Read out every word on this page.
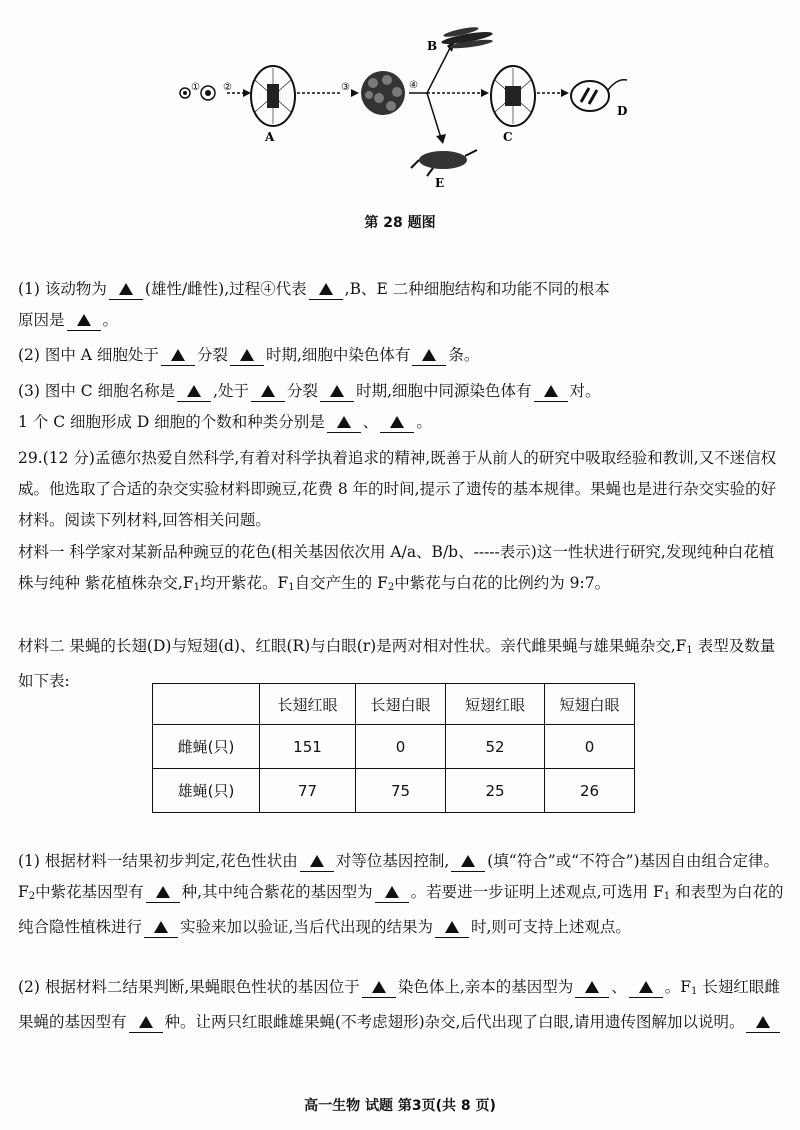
① ②
A
③	④
B
E
C
D
第 28 题图
(1) 该动物为 (雄性/雌性),过程④代表 ,B、E 二种细胞结构和功能不同的根本
原因是 。
(2) 图中 A 细胞处于 分裂 时期,细胞中染色体有 条。
(3) 图中 C 细胞名称是 ,处于 分裂 时期,细胞中同源染色体有 对。
1 个 C 细胞形成 D 细胞的个数和种类分别是 、 。
29.(12 分)孟德尔热爱自然科学,有着对科学执着追求的精神,既善于从前人的研究中吸取经验和教训,又不迷信权威。他选取了合适的杂交实验材料即豌豆,花费 8 年的时间,提示了遗传的基本规律。果蝇也是进行杂交实验的好材料。阅读下列材料,回答相关问题。
材料一 科学家对某新品种豌豆的花色(相关基因依次用 A/a、B/b、-----表示)这一性状进行研究,发现纯种白花植株与纯种 紫花植株杂交$,F_1$均开紫花。$F_1$自交产生的 $F_2$中紫花与白花的比例约为 9:7。
材料二 果蝇的长翅(D)与短翅(d)、红眼(R)与白眼(r)是两对相对性状。亲代雌果蝇与雄果蝇杂交$,F_1$ 表型及数量如下表:
	长翅红眼	长翅白眼	短翅红眼	短翅白眼
雌蝇(只)	151	0	52	0
雄蝇(只)	77	75	25	26
(1) 根据材料一结果初步判定,花色性状由 对等位基因控制, (填“符合”或“不符合”)基因自由组合定律。$F_2$中紫花基因型有 种,其中纯合紫花的基因型为 。若要进一步证明上述观点,可选用 $F_1$ 和表型为白花的纯合隐性植株进行 实验来加以验证,当后代出现的结果为 时,则可支持上述观点。
(2) 根据材料二结果判断,果蝇眼色性状的基因位于 染色体上,亲本的基因型为 、 。$F_1$ 长翅红眼雌果蝇的基因型有 种。让两只红眼雌雄果蝇(不考虑翅形)杂交,后代出现了白眼,请用遗传图解加以说明。
高一生物 试题 第3页(共 8 页)
